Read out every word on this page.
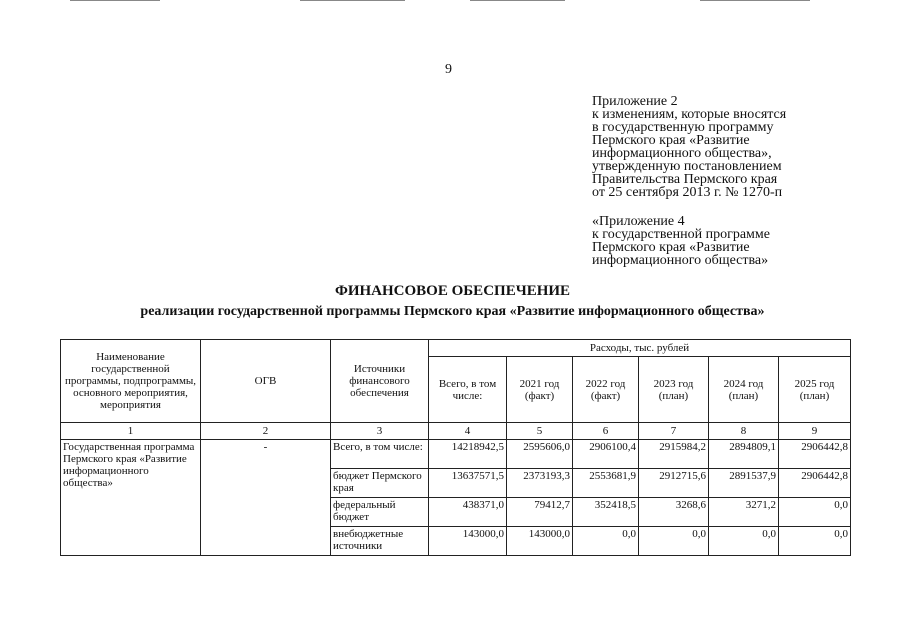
9
Приложение 2
к изменениям, которые вносятся
в государственную программу
Пермского края «Развитие
информационного общества»,
утвержденную постановлением
Правительства Пермского края
от 25 сентября 2013 г. № 1270-п
«Приложение 4
к государственной программе
Пермского края «Развитие
информационного общества»
ФИНАНСОВОЕ ОБЕСПЕЧЕНИЕ
реализации государственной программы Пермского края «Развитие информационного общества»
Наименование государственной программы, подпрограммы, основного мероприятия, мероприятия	ОГВ	Источники финансового обеспечения	Расходы, тыс. рублей					
			Всего, в том числе:	2021 год (факт)	2022 год (факт)	2023 год (план)	2024 год (план)	2025 год (план)
1	2	3	4	5	6	7	8	9
Государственная программа Пермского края «Развитие информационного общества»	-	Всего, в том числе:	14218942,5	2595606,0	2906100,4	2915984,2	2894809,1	2906442,8
		бюджет Пермского края	13637571,5	2373193,3	2553681,9	2912715,6	2891537,9	2906442,8
		федеральный бюджет	438371,0	79412,7	352418,5	3268,6	3271,2	0,0
		внебюджетные источники	143000,0	143000,0	0,0	0,0	0,0	0,0
